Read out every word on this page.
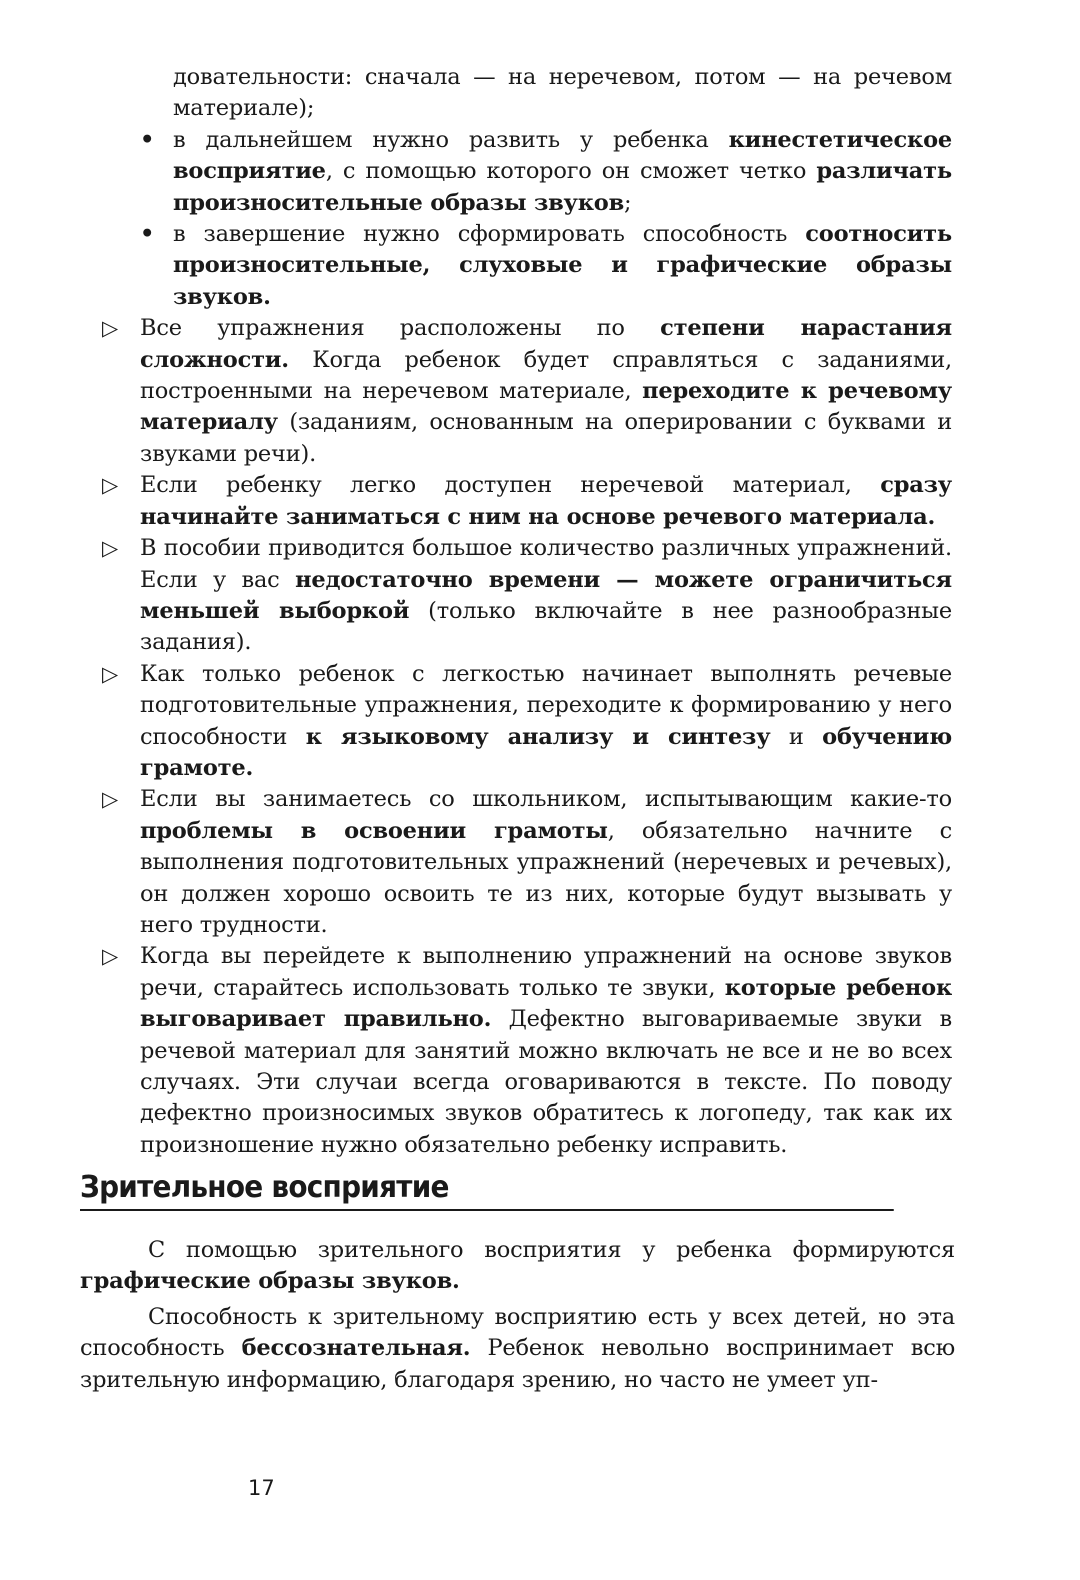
довательности: сначала — на неречевом, потом — на речевом материале);
• в дальнейшем нужно развить у ребенка кинестетическое восприятие, с помощью которого он сможет четко различать произносительные образы звуков;
• в завершение нужно сформировать способность соотносить произносительные, слуховые и графические образы звуков.
▷ Все упражнения расположены по степени нарастания сложности. Когда ребенок будет справляться с заданиями, построенными на неречевом материале, переходите к речевому материалу (заданиям, основанным на оперировании с буквами и звуками речи).
▷ Если ребенку легко доступен неречевой материал, сразу начинайте заниматься с ним на основе речевого материала.
▷ В пособии приводится большое количество различных упражнений. Если у вас недостаточно времени — можете ограничиться меньшей выборкой (только включайте в нее разнообразные задания).
▷ Как только ребенок с легкостью начинает выполнять речевые подготовительные упражнения, переходите к формированию у него способности к языковому анализу и синтезу и обучению грамоте.
▷ Если вы занимаетесь со школьником, испытывающим какие-то проблемы в освоении грамоты, обязательно начните с выполнения подготовительных упражнений (неречевых и речевых), он должен хорошо освоить те из них, которые будут вызывать у него трудности.
▷ Когда вы перейдете к выполнению упражнений на основе звуков речи, старайтесь использовать только те звуки, которые ребенок выговаривает правильно. Дефектно выговариваемые звуки в речевой материал для занятий можно включать не все и не во всех случаях. Эти случаи всегда оговариваются в тексте. По поводу дефектно произносимых звуков обратитесь к логопеду, так как их произношение нужно обязательно ребенку исправить.
Зрительное восприятие
С помощью зрительного восприятия у ребенка формируются графические образы звуков.
Способность к зрительному восприятию есть у всех детей, но эта способность бессознательная. Ребенок невольно воспринимает всю зрительную информацию, благодаря зрению, но часто не умеет уп-
17
